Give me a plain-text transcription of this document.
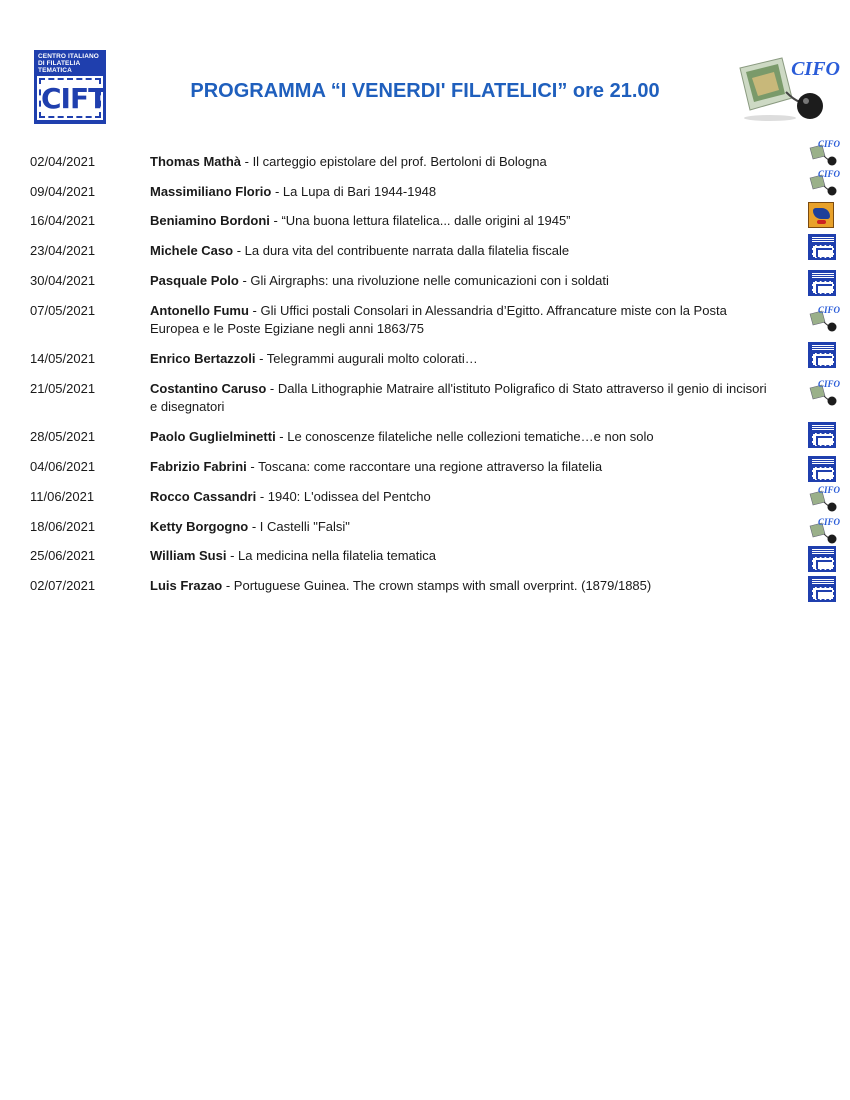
CENTRO ITALIANO
DI FILATELIA
TEMATICA
CIFT	PROGRAMMA “I VENERDI' FILATELICI” ore 21.00
CIFO
02/04/2021	Thomas Mathà - Il carteggio epistolare del prof. Bertoloni di Bologna
CIFO
09/04/2021	Massimiliano Florio - La Lupa di Bari 1944-1948
CIFO
16/04/2021	Beniamino Bordoni - “Una buona lettura filatelica... dalle origini al 1945”
23/04/2021	Michele Caso - La dura vita del contribuente narrata dalla filatelia fiscale
30/04/2021	Pasquale Polo - Gli Airgraphs: una rivoluzione nelle comunicazioni con i soldati
07/05/2021	Antonello Fumu - Gli Uffici postali Consolari in Alessandria d’Egitto. Affrancature miste con la Posta Europea e le Poste Egiziane negli anni 1863/75
CIFO
14/05/2021	Enrico Bertazzoli - Telegrammi augurali molto colorati…
21/05/2021	Costantino Caruso - Dalla Lithographie Matraire all'istituto Poligrafico di Stato attraverso il genio di incisori e disegnatori
CIFO
28/05/2021	Paolo Guglielminetti - Le conoscenze filateliche nelle collezioni tematiche…e non solo
04/06/2021	Fabrizio Fabrini - Toscana: come raccontare una regione attraverso la filatelia
11/06/2021	Rocco Cassandri - 1940: L'odissea del Pentcho	CIFO
18/06/2021	Ketty Borgogno - I Castelli "Falsi"	CIFO
25/06/2021	William Susi - La medicina nella filatelia tematica
02/07/2021	Luis Frazao - Portuguese Guinea. The crown stamps with small overprint. (1879/1885)
